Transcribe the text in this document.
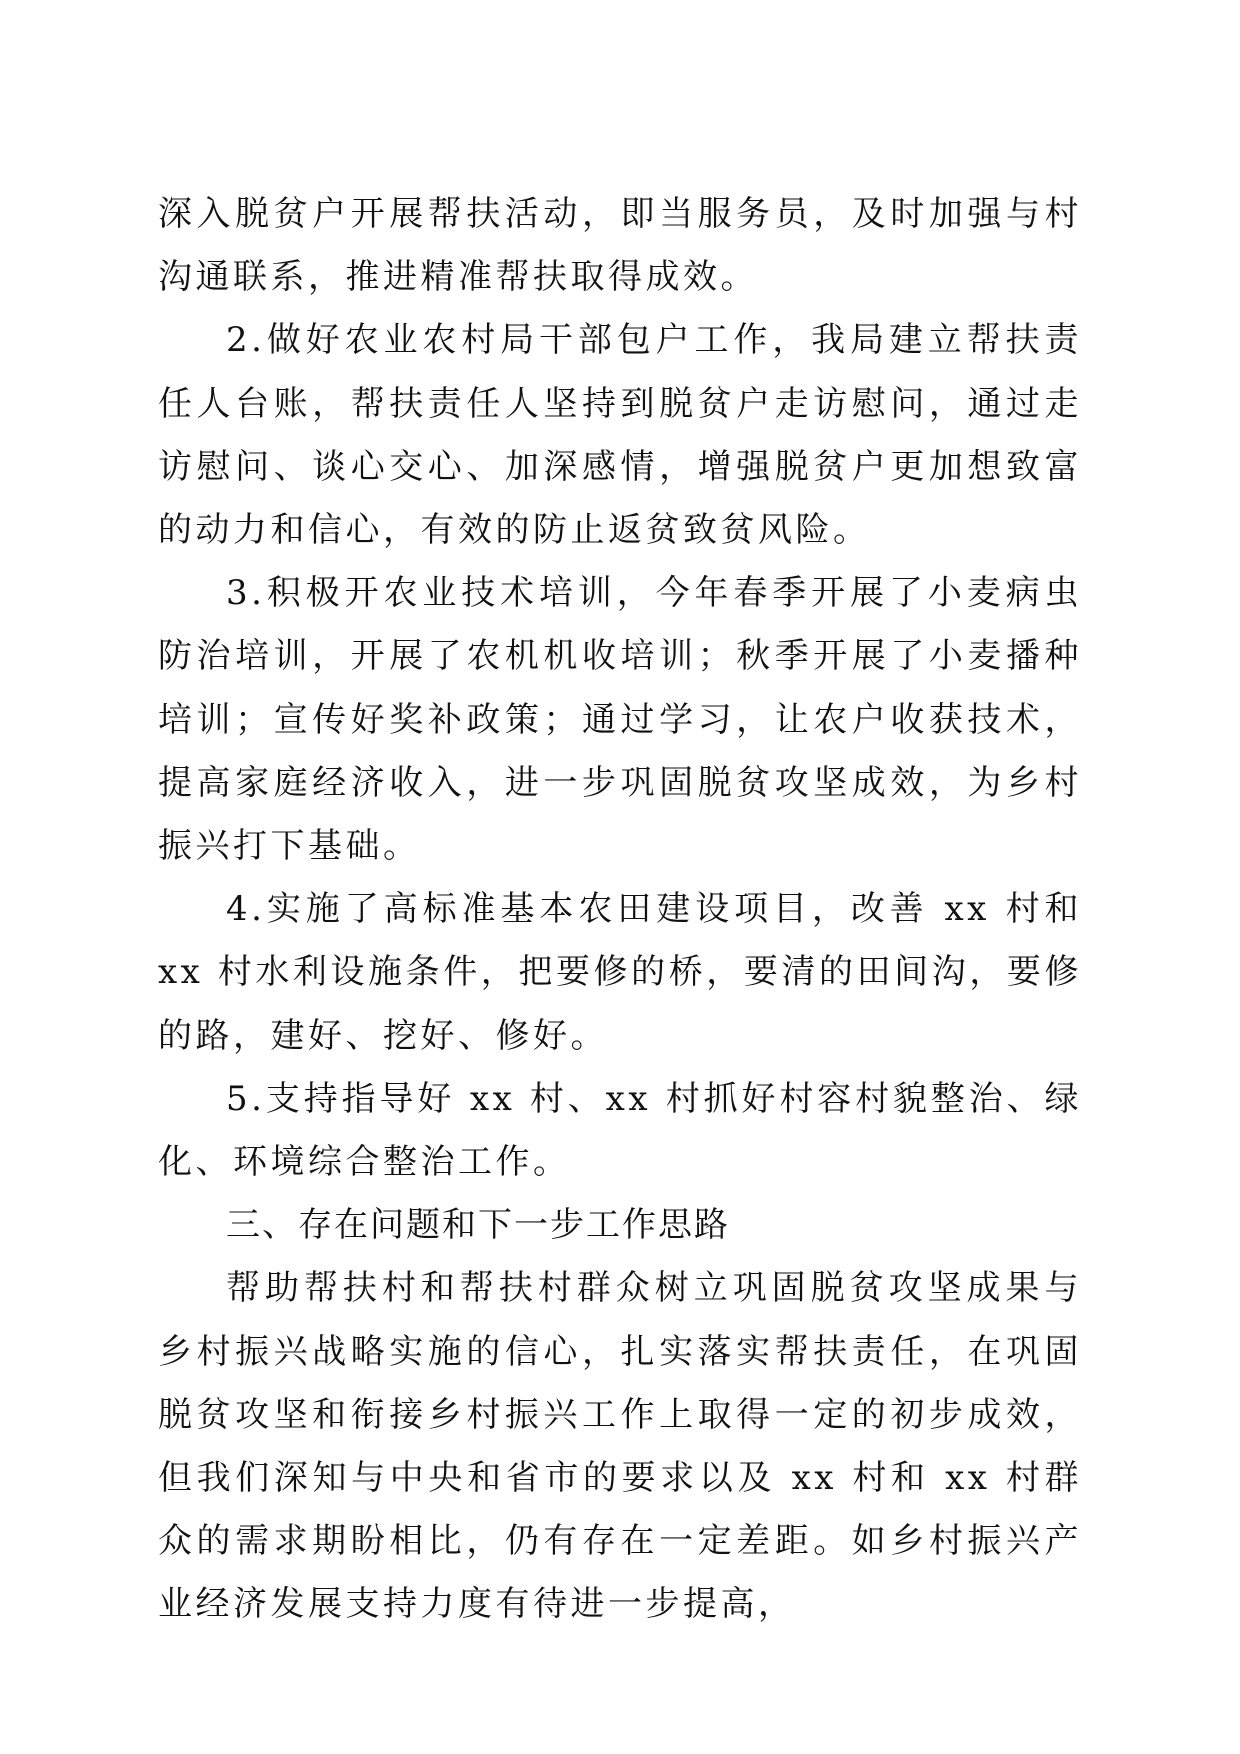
深入脱贫户开展帮扶活动，即当服务员，及时加强与村沟通联系，推进精准帮扶取得成效。

2.做好农业农村局干部包户工作，我局建立帮扶责任人台账，帮扶责任人坚持到脱贫户走访慰问，通过走访慰问、谈心交心、加深感情，增强脱贫户更加想致富的动力和信心，有效的防止返贫致贫风险。

3.积极开农业技术培训，今年春季开展了小麦病虫防治培训，开展了农机机收培训；秋季开展了小麦播种培训；宣传好奖补政策；通过学习，让农户收获技术，提高家庭经济收入，进一步巩固脱贫攻坚成效，为乡村振兴打下基础。

4.实施了高标准基本农田建设项目，改善 xx 村和 xx 村水利设施条件，把要修的桥，要清的田间沟，要修的路，建好、挖好、修好。

5.支持指导好 xx 村、xx 村抓好村容村貌整治、绿化、环境综合整治工作。

三、存在问题和下一步工作思路

帮助帮扶村和帮扶村群众树立巩固脱贫攻坚成果与乡村振兴战略实施的信心，扎实落实帮扶责任，在巩固脱贫攻坚和衔接乡村振兴工作上取得一定的初步成效， 但我们深知与中央和省市的要求以及 xx 村和 xx 村群众的需求期盼相比，仍有存在一定差距。如乡村振兴产业经济发展支持力度有待进一步提高，
